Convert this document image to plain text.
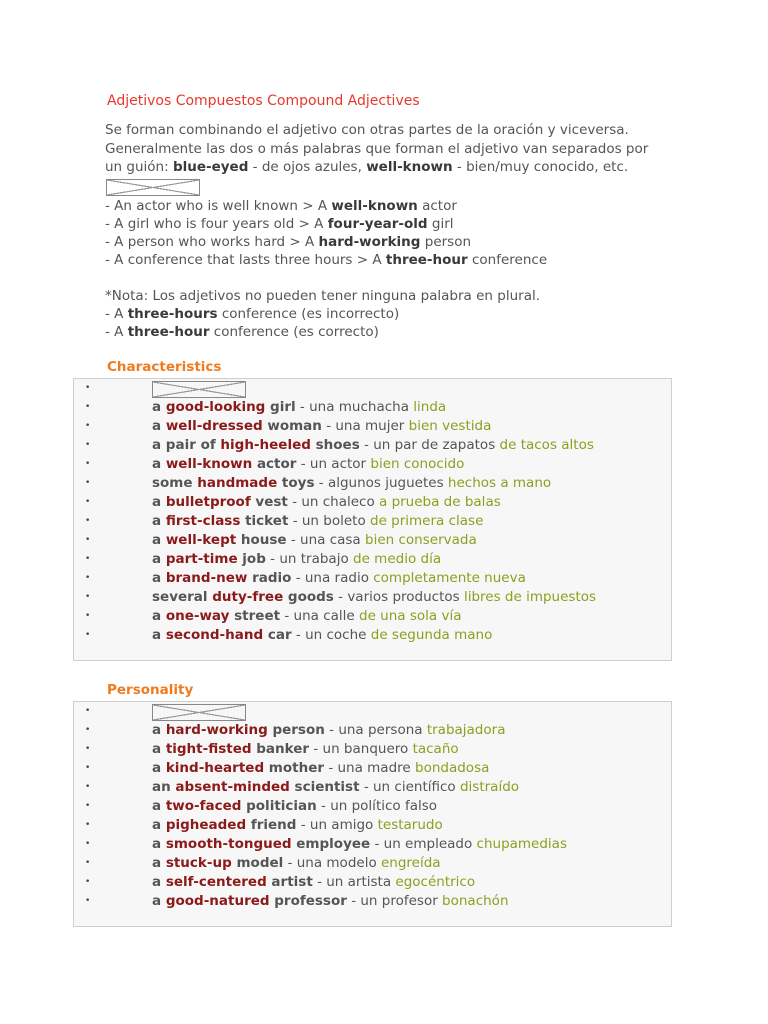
Adjetivos Compuestos Compound Adjectives
Se forman combinando el adjetivo con otras partes de la oración y viceversa.
Generalmente las dos o más palabras que forman el adjetivo van separados por
un guión: blue-eyed - de ojos azules, well-known - bien/muy conocido, etc.
- An actor who is well known > A well-known actor
- A girl who is four years old > A four-year-old girl
- A person who works hard > A hard-working person
- A conference that lasts three hours > A three-hour conference
*Nota: Los adjetivos no pueden tener ninguna palabra en plural.
- A three-hours conference (es incorrecto)
- A three-hour conference (es correcto)
Characteristics
•
•	a good-looking girl - una muchacha linda
•	a well-dressed woman - una mujer bien vestida
•	a pair of high-heeled shoes - un par de zapatos de tacos altos
•	a well-known actor - un actor bien conocido
•	some handmade toys - algunos juguetes hechos a mano
•	a bulletproof vest - un chaleco a prueba de balas
•	a first-class ticket - un boleto de primera clase
•	a well-kept house - una casa bien conservada
•	a part-time job - un trabajo de medio día
•	a brand-new radio - una radio completamente nueva
•	several duty-free goods - varios productos libres de impuestos
•	a one-way street - una calle de una sola vía
•	a second-hand car - un coche de segunda mano
Personality
•
•	a hard-working person - una persona trabajadora
•	a tight-fisted banker - un banquero tacaño
•	a kind-hearted mother - una madre bondadosa
•	an absent-minded scientist - un científico distraído
•	a two-faced politician - un político falso
•	a pigheaded friend - un amigo testarudo
•	a smooth-tongued employee - un empleado chupamedias
•	a stuck-up model - una modelo engreída
•	a self-centered artist - un artista egocéntrico
•	a good-natured professor - un profesor bonachón
